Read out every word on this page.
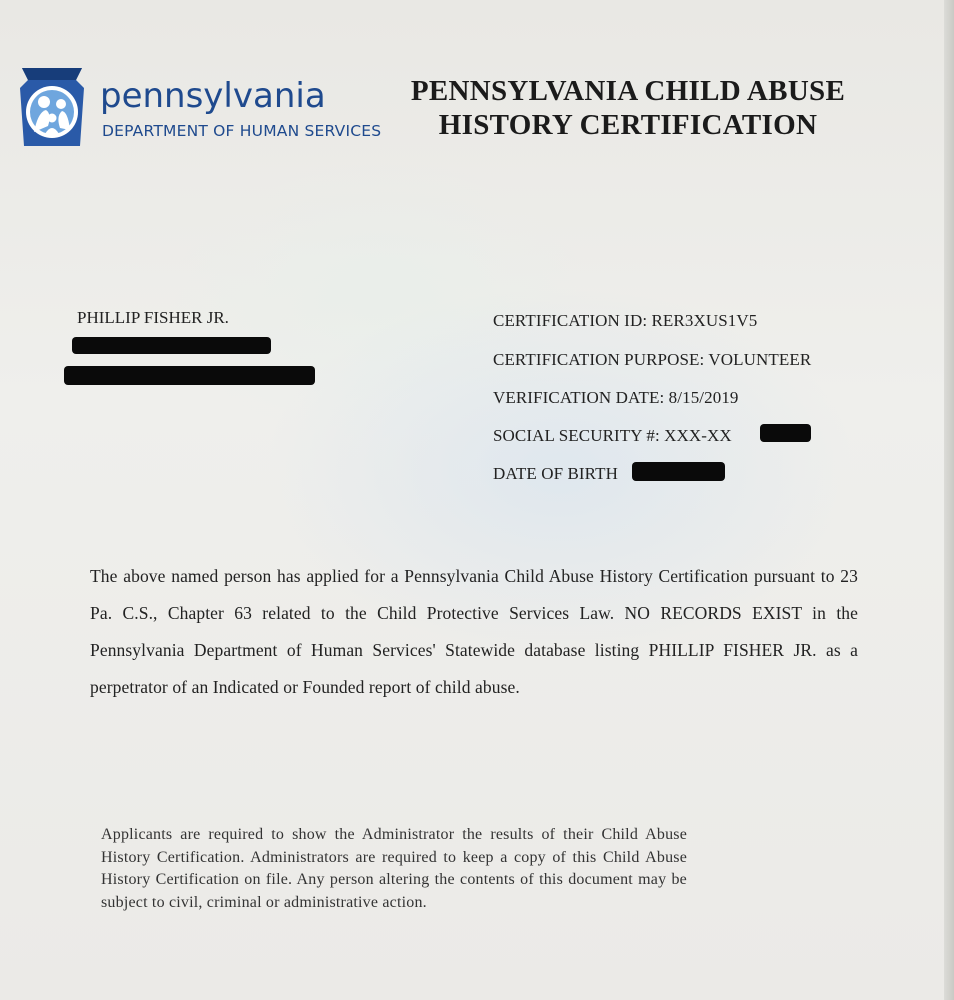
pennsylvania
DEPARTMENT OF HUMAN SERVICES
PENNSYLVANIA CHILD ABUSE
HISTORY CERTIFICATION
PHILLIP FISHER JR.	CERTIFICATION ID: RER3XUS1V5
CERTIFICATION PURPOSE: VOLUNTEER
VERIFICATION DATE: 8/15/2019
SOCIAL SECURITY #: XXX-XX
DATE OF BIRTH
The above named person has applied for a Pennsylvania Child Abuse History Certification pursuant to 23 Pa. C.S., Chapter 63 related to the Child Protective Services Law. NO RECORDS EXIST in the Pennsylvania Department of Human Services' Statewide database listing PHILLIP FISHER JR. as a perpetrator of an Indicated or Founded report of child abuse.
Applicants are required to show the Administrator the results of their Child Abuse History Certification. Administrators are required to keep a copy of this Child Abuse History Certification on file. Any person altering the contents of this document may be subject to civil, criminal or administrative action.
